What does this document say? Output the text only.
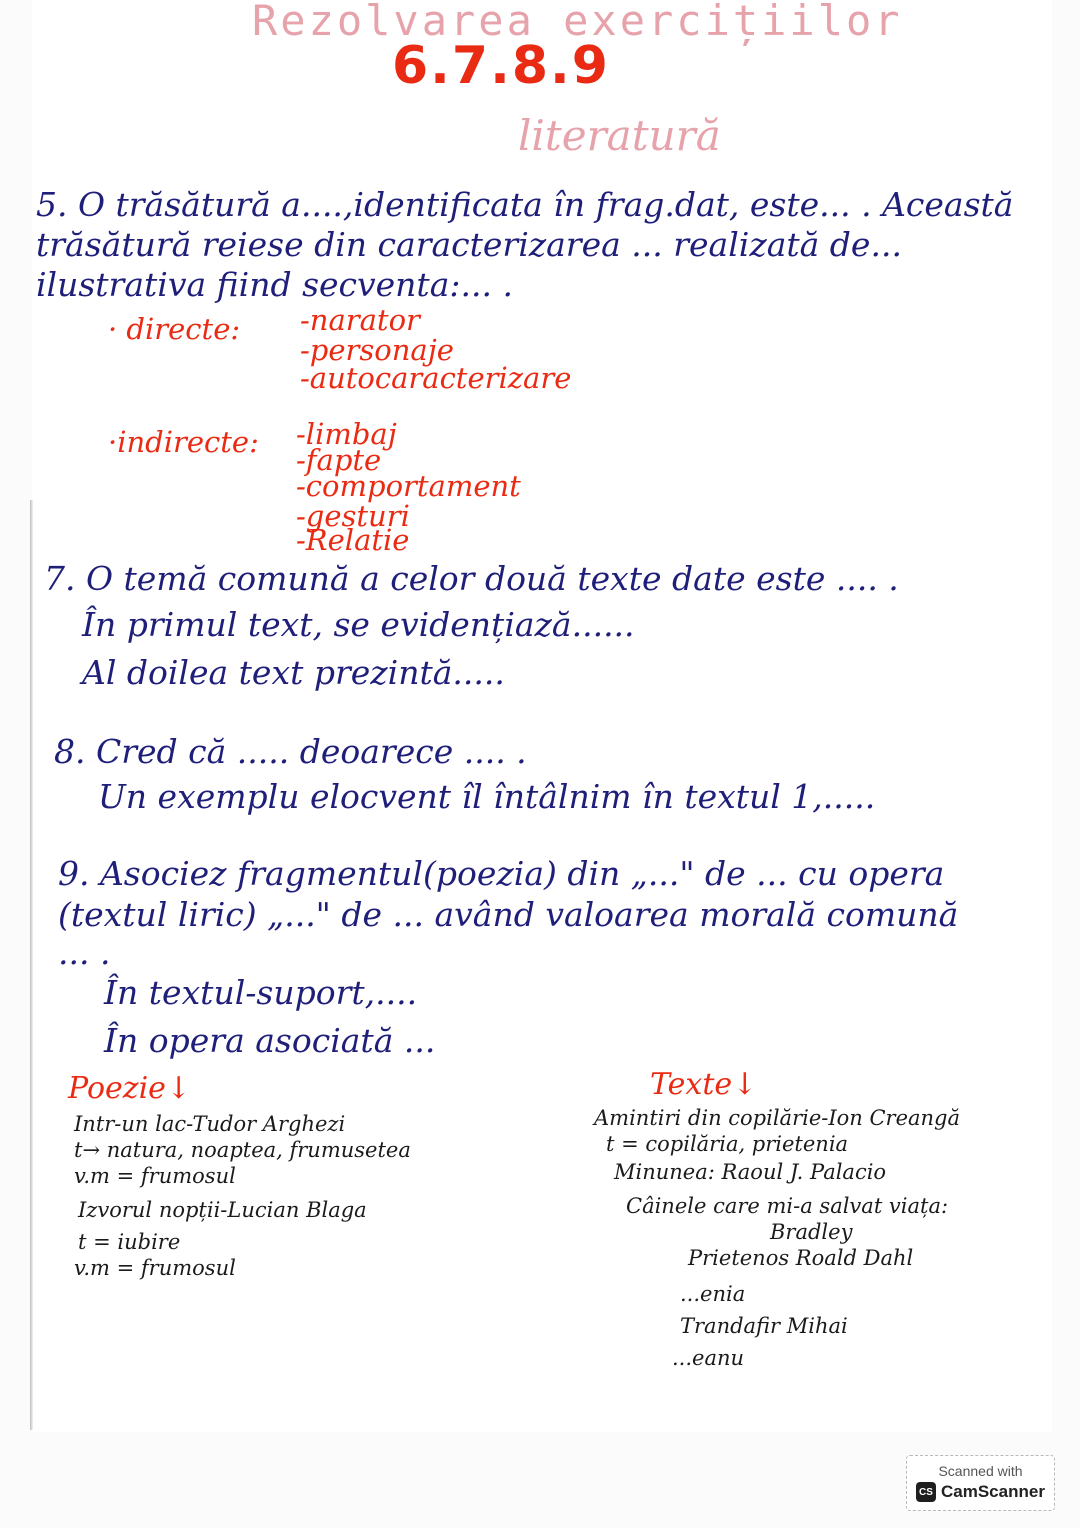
Rezolvarea exercițiilor
6.7.8.9
literatură
5. O trăsătură a....,identificata în frag.dat, este... . Această
trăsătură reiese din caracterizarea ... realizată de...
ilustrativa fiind secventa:... .
· directe: -narator
-personaje
-autocaracterizare
·indirecte: -limbaj
-fapte
-comportament
-gesturi
-Relatie
7. O temă comună a celor două texte date este .... .
În primul text, se evidențiază......
Al doilea text prezintă.....
8. Cred că ..... deoarece .... .
Un exemplu elocvent îl întâlnim în textul 1,.....
9. Asociez fragmentul(poezia) din „..." de ... cu opera
(textul liric) „..." de ... având valoarea morală comună
... .
În textul-suport,....
În opera asociată ...
Poezie↓
Intr-un lac-Tudor Arghezi
t→ natura, noaptea, frumusetea
v.m = frumosul
Izvorul nopții-Lucian Blaga
t = iubire
v.m = frumosul
Texte↓
Amintiri din copilărie-Ion Creangă
t = copilăria, prietenia
Minunea: Raoul J. Palacio
Câinele care mi-a salvat viața:
Bradley
Prietenos Roald Dahl
...enia
Trandafir Mihai
...eanu
Scanned with
CS CamScanner
